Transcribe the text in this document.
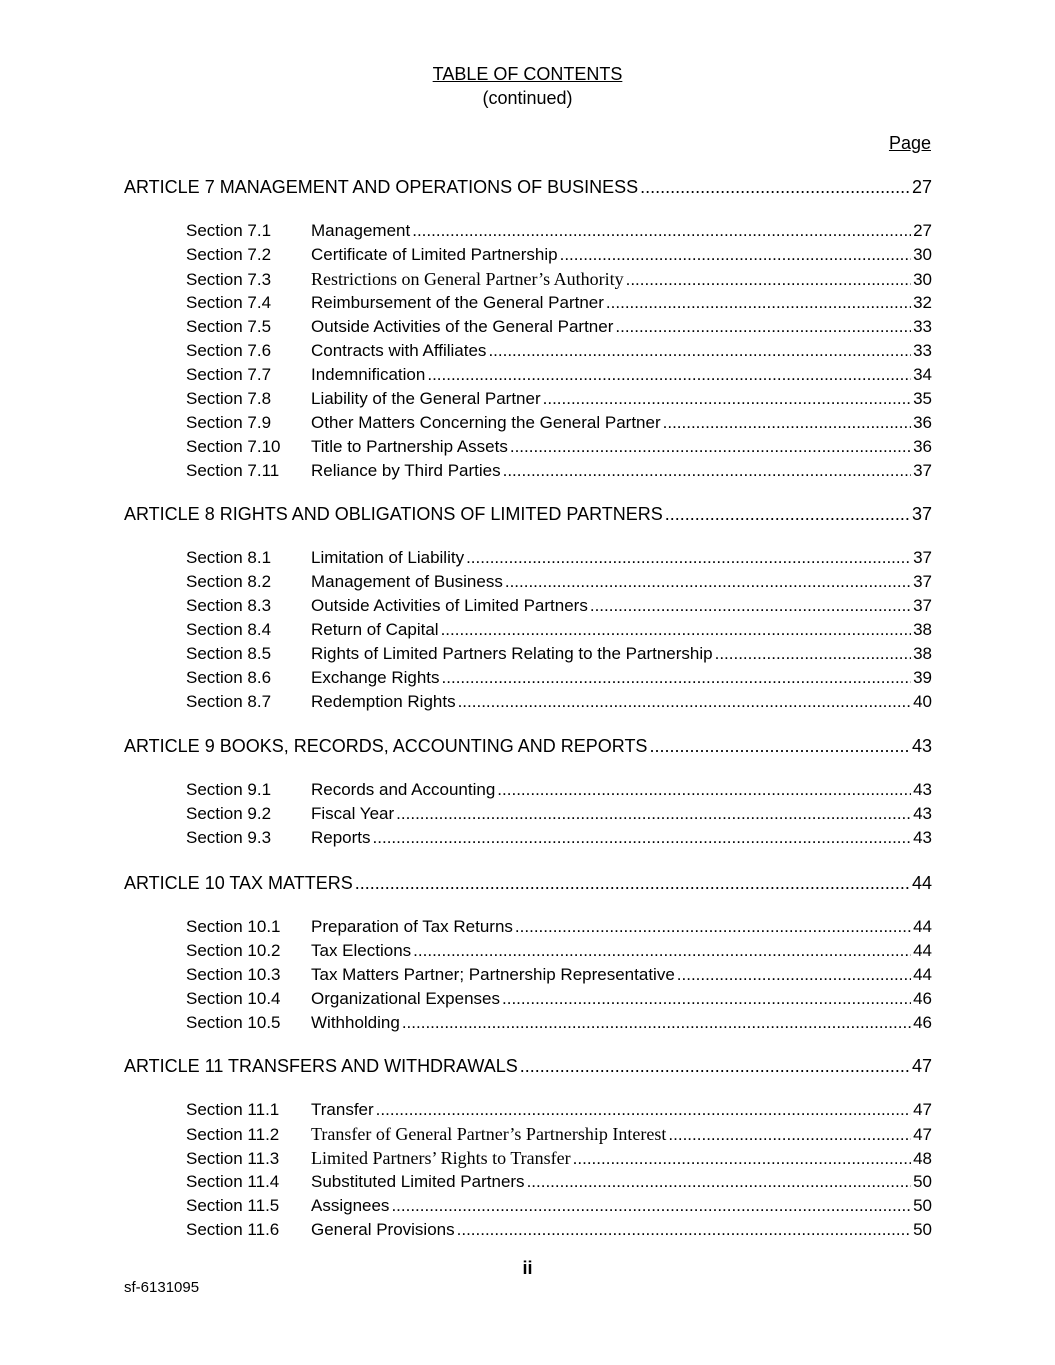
TABLE OF CONTENTS
(continued)
Page
ARTICLE 7 MANAGEMENT AND OPERATIONS OF BUSINESS .....	27
Section 7.1	Management .....	27
Section 7.2	Certificate of Limited Partnership .....	30
Section 7.3	Restrictions on General Partner’s Authority .....	30
Section 7.4	Reimbursement of the General Partner .....	32
Section 7.5	Outside Activities of the General Partner .....	33
Section 7.6	Contracts with Affiliates .....	33
Section 7.7	Indemnification .....	34
Section 7.8	Liability of the General Partner .....	35
Section 7.9	Other Matters Concerning the General Partner .....	36
Section 7.10	Title to Partnership Assets .....	36
Section 7.11	Reliance by Third Parties .....	37
ARTICLE 8 RIGHTS AND OBLIGATIONS OF LIMITED PARTNERS .....	37
Section 8.1	Limitation of Liability .....	37
Section 8.2	Management of Business .....	37
Section 8.3	Outside Activities of Limited Partners .....	37
Section 8.4	Return of Capital .....	38
Section 8.5	Rights of Limited Partners Relating to the Partnership .....	38
Section 8.6	Exchange Rights .....	39
Section 8.7	Redemption Rights .....	40
ARTICLE 9 BOOKS, RECORDS, ACCOUNTING AND REPORTS .....	43
Section 9.1	Records and Accounting .....	43
Section 9.2	Fiscal Year .....	43
Section 9.3	Reports .....	43
ARTICLE 10 TAX MATTERS .....	44
Section 10.1	Preparation of Tax Returns .....	44
Section 10.2	Tax Elections .....	44
Section 10.3	Tax Matters Partner; Partnership Representative .....	44
Section 10.4	Organizational Expenses .....	46
Section 10.5	Withholding .....	46
ARTICLE 11 TRANSFERS AND WITHDRAWALS .....	47
Section 11.1	Transfer .....	47
Section 11.2	Transfer of General Partner’s Partnership Interest .....	47
Section 11.3	Limited Partners’ Rights to Transfer .....	48
Section 11.4	Substituted Limited Partners .....	50
Section 11.5	Assignees .....	50
Section 11.6	General Provisions .....	50
ii
sf-6131095
